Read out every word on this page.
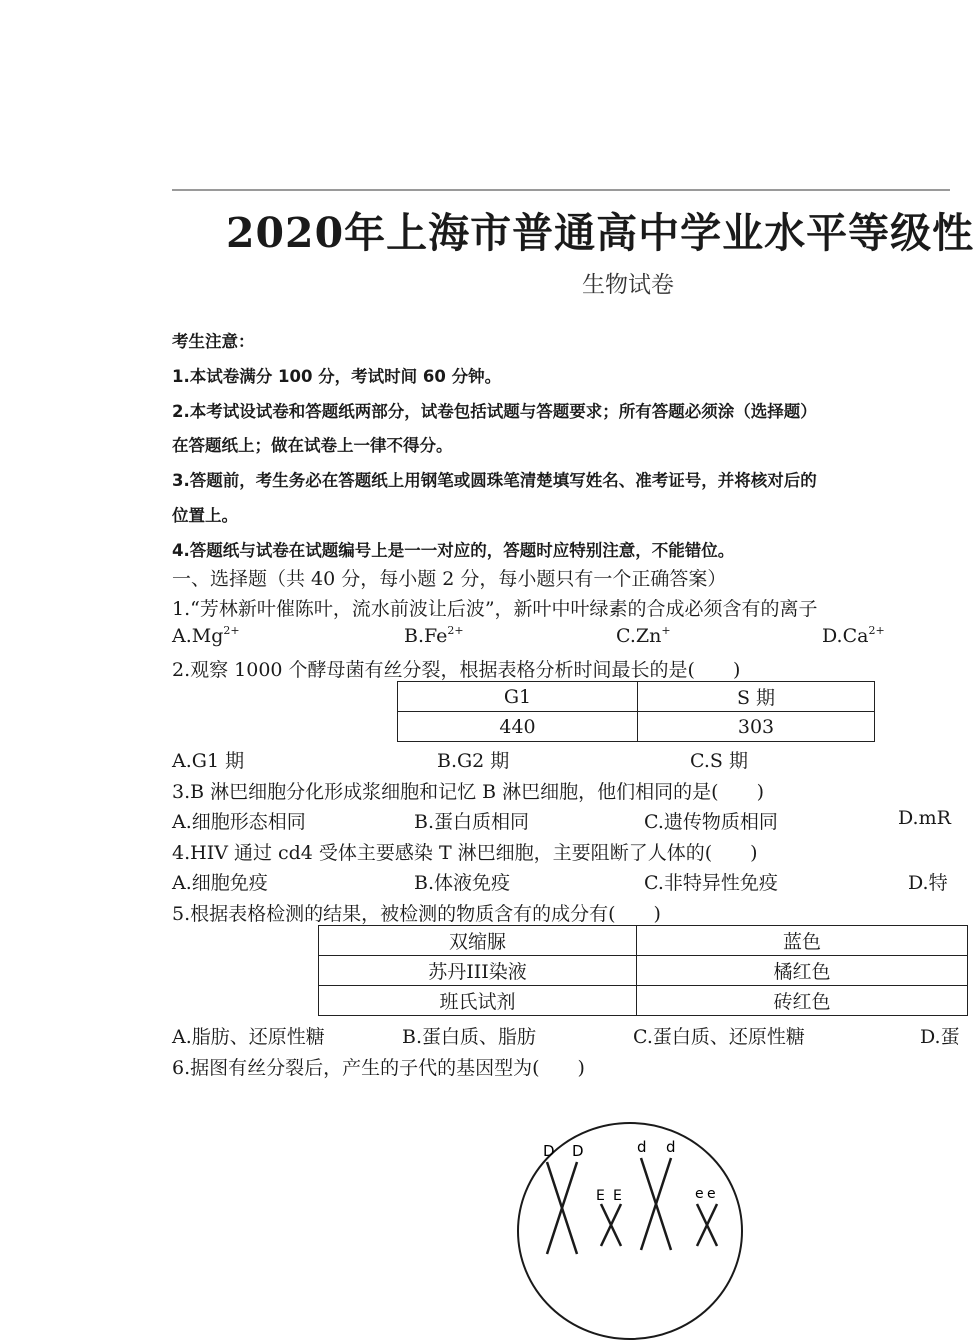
2020年上海市普通高中学业水平等级性
生物试卷
考生注意：
1.本试卷满分 100 分，考试时间 60 分钟。
2.本考试设试卷和答题纸两部分，试卷包括试题与答题要求；所有答题必须涂（选择题）
在答题纸上；做在试卷上一律不得分。
3.答题前，考生务必在答题纸上用钢笔或圆珠笔清楚填写姓名、准考证号，并将核对后的
位置上。
4.答题纸与试卷在试题编号上是一一对应的，答题时应特别注意，不能错位。
一、选择题（共 40 分，每小题 2 分，每小题只有一个正确答案）
1.“芳林新叶催陈叶，流水前波让后波”，新叶中叶绿素的合成必须含有的离子
$A.Mg^{2+}$	$B.Fe^{2+}$	C.Zn+	$D.Ca^{2+}$
2.观察 1000 个酵母菌有丝分裂，根据表格分析时间最长的是(　　)
G1	S 期
440	303
A.G1 期	B.G2 期	C.S 期
3.B 淋巴细胞分化形成浆细胞和记忆 B 淋巴细胞，他们相同的是(　　)
A.细胞形态相同	B.蛋白质相同	C.遗传物质相同	D.mR
4.HIV 通过 cd4 受体主要感染 T 淋巴细胞，主要阻断了人体的(　　)
A.细胞免疫	B.体液免疫	C.非特异性免疫	D.特
5.根据表格检测的结果，被检测的物质含有的成分有(　　)
双缩脲	蓝色
苏丹III染液	橘红色
班氏试剂	砖红色
A.脂肪、还原性糖	B.蛋白质、脂肪	C.蛋白质、还原性糖	D.蛋
6.据图有丝分裂后，产生的子代的基因型为(　　)
D D
E E
d d
e e
